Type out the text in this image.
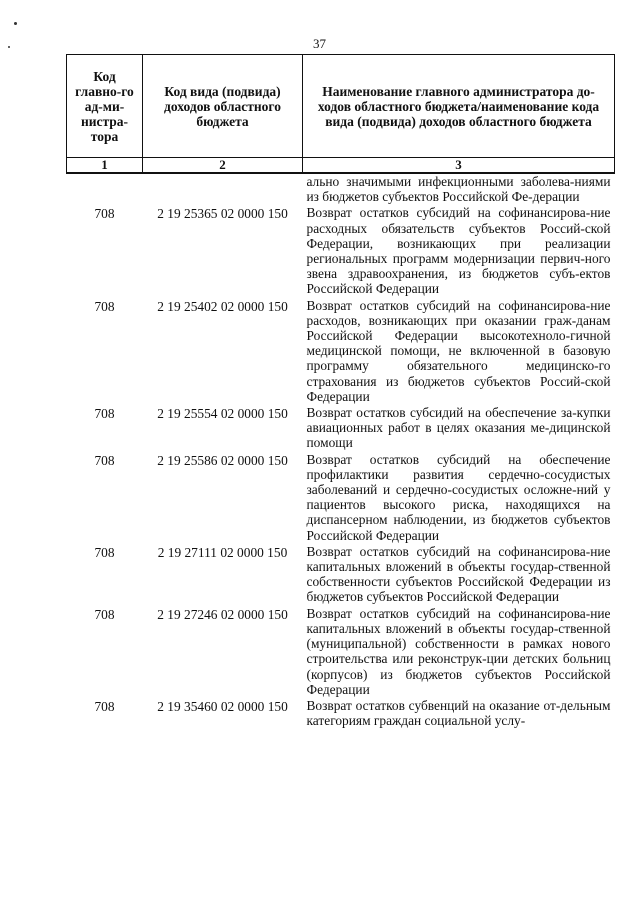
37
Код главно-го ад-ми-нистра-тора	Код вида (подвида) доходов областного бюджета	Наименование главного администратора до-ходов областного бюджета/наименование кода вида (подвида) доходов областного бюджета
1	2	3
		ально значимыми инфекционными заболева-ниями из бюджетов субъектов Российской Фе-дерации
708	2 19 25365 02 0000 150	Возврат остатков субсидий на софинансирова-ние расходных обязательств субъектов Россий-ской Федерации, возникающих при реализации региональных программ модернизации первич-ного звена здравоохранения, из бюджетов субъ-ектов Российской Федерации
708	2 19 25402 02 0000 150	Возврат остатков субсидий на софинансирова-ние расходов, возникающих при оказании граж-данам Российской Федерации высокотехноло-гичной медицинской помощи, не включенной в базовую программу обязательного медицинско-го страхования из бюджетов субъектов Россий-ской Федерации
708	2 19 25554 02 0000 150	Возврат остатков субсидий на обеспечение за-купки авиационных работ в целях оказания ме-дицинской помощи
708	2 19 25586 02 0000 150	Возврат остатков субсидий на обеспечение профилактики развития сердечно-сосудистых заболеваний и сердечно-сосудистых осложне-ний у пациентов высокого риска, находящихся на диспансерном наблюдении, из бюджетов субъектов Российской Федерации
708	2 19 27111 02 0000 150	Возврат остатков субсидий на софинансирова-ние капитальных вложений в объекты государ-ственной собственности субъектов Российской Федерации из бюджетов субъектов Российской Федерации
708	2 19 27246 02 0000 150	Возврат остатков субсидий на софинансирова-ние капитальных вложений в объекты государ-ственной (муниципальной) собственности в рамках нового строительства или реконструк-ции детских больниц (корпусов) из бюджетов субъектов Российской Федерации
708	2 19 35460 02 0000 150	Возврат остатков субвенций на оказание от-дельным категориям граждан социальной услу-
